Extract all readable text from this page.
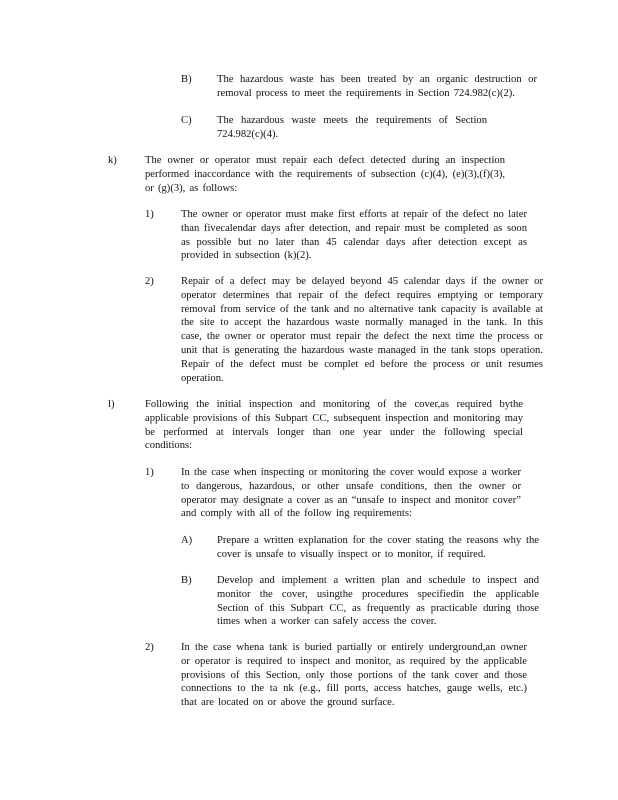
B) The hazardous waste has been treated by an organic destruction or removal process to meet the requirements in Section 724.982(c)(2).
C) The hazardous waste meets the requirements of Section 724.982(c)(4).
k)	The owner or operator must repair each defect detected during an inspection performed inaccordance with the requirements of subsection (c)(4), (e)(3),(f)(3), or (g)(3), as follows:
1)	The owner or operator must make first efforts at repair of the defect no later than fivecalendar days after detection, and repair must be completed as soon as possible but no later than 45 calendar days after detection except as provided in subsection (k)(2).
2)	Repair of a defect may be delayed beyond 45 calendar days if the owner or operator determines that repair of the defect requires emptying or temporary removal from service of the tank and no alternative tank capacity is available at the site to accept the hazardous waste normally managed in the tank. In this case, the owner or operator must repair the defect the next time the process or unit that is generating the hazardous waste managed in the tank stops operation. Repair of the defect must be complet ed before the process or unit resumes operation.
l)	Following the initial inspection and monitoring of the cover,as required bythe applicable provisions of this Subpart CC, subsequent inspection and monitoring may be performed at intervals longer than one year under the following special conditions:
1)	In the case when inspecting or monitoring the cover would expose a worker to dangerous, hazardous, or other unsafe conditions, then the owner or operator may designate a cover as an “unsafe to inspect and monitor cover” and comply with all of the follow ing requirements:
A) Prepare a written explanation for the cover stating the reasons why the cover is unsafe to visually inspect or to monitor, if required.
B) Develop and implement a written plan and schedule to inspect and monitor the cover, usingthe procedures specifiedin the applicable Section of this Subpart CC, as frequently as practicable during those times when a worker can safely access the cover.
2)	In the case whena tank is buried partially or entirely underground,an owner or operator is required to inspect and monitor, as required by the applicable provisions of this Section, only those portions of the tank cover and those connections to the ta nk (e.g., fill ports, access hatches, gauge wells, etc.) that are located on or above the ground surface.
